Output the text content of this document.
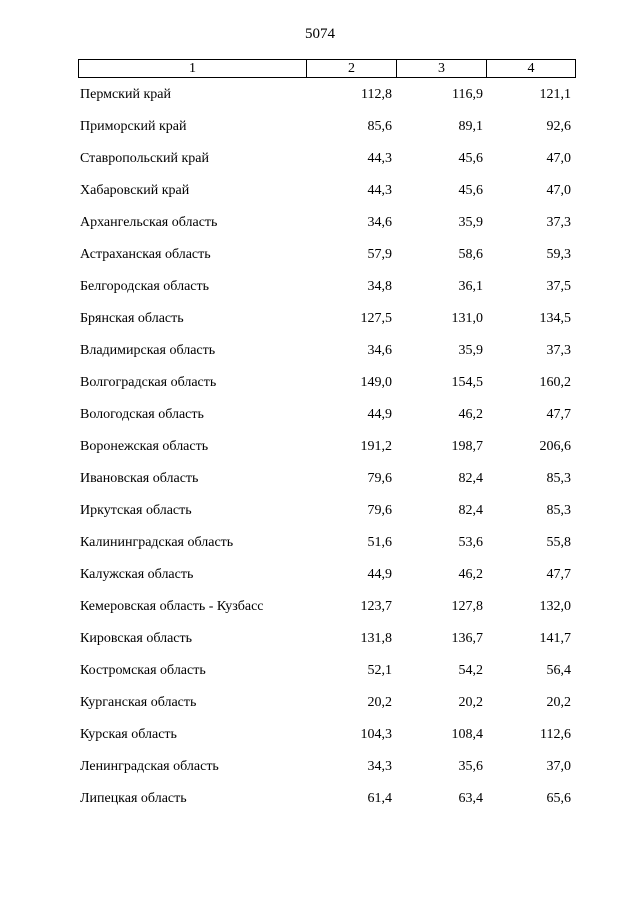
5074
1	2	3	4
Пермский край	112,8	116,9	121,1
Приморский край	85,6	89,1	92,6
Ставропольский край	44,3	45,6	47,0
Хабаровский край	44,3	45,6	47,0
Архангельская область	34,6	35,9	37,3
Астраханская область	57,9	58,6	59,3
Белгородская область	34,8	36,1	37,5
Брянская область	127,5	131,0	134,5
Владимирская область	34,6	35,9	37,3
Волгоградская область	149,0	154,5	160,2
Вологодская область	44,9	46,2	47,7
Воронежская область	191,2	198,7	206,6
Ивановская область	79,6	82,4	85,3
Иркутская область	79,6	82,4	85,3
Калининградская область	51,6	53,6	55,8
Калужская область	44,9	46,2	47,7
Кемеровская область - Кузбасс	123,7	127,8	132,0
Кировская область	131,8	136,7	141,7
Костромская область	52,1	54,2	56,4
Курганская область	20,2	20,2	20,2
Курская область	104,3	108,4	112,6
Ленинградская область	34,3	35,6	37,0
Липецкая область	61,4	63,4	65,6
